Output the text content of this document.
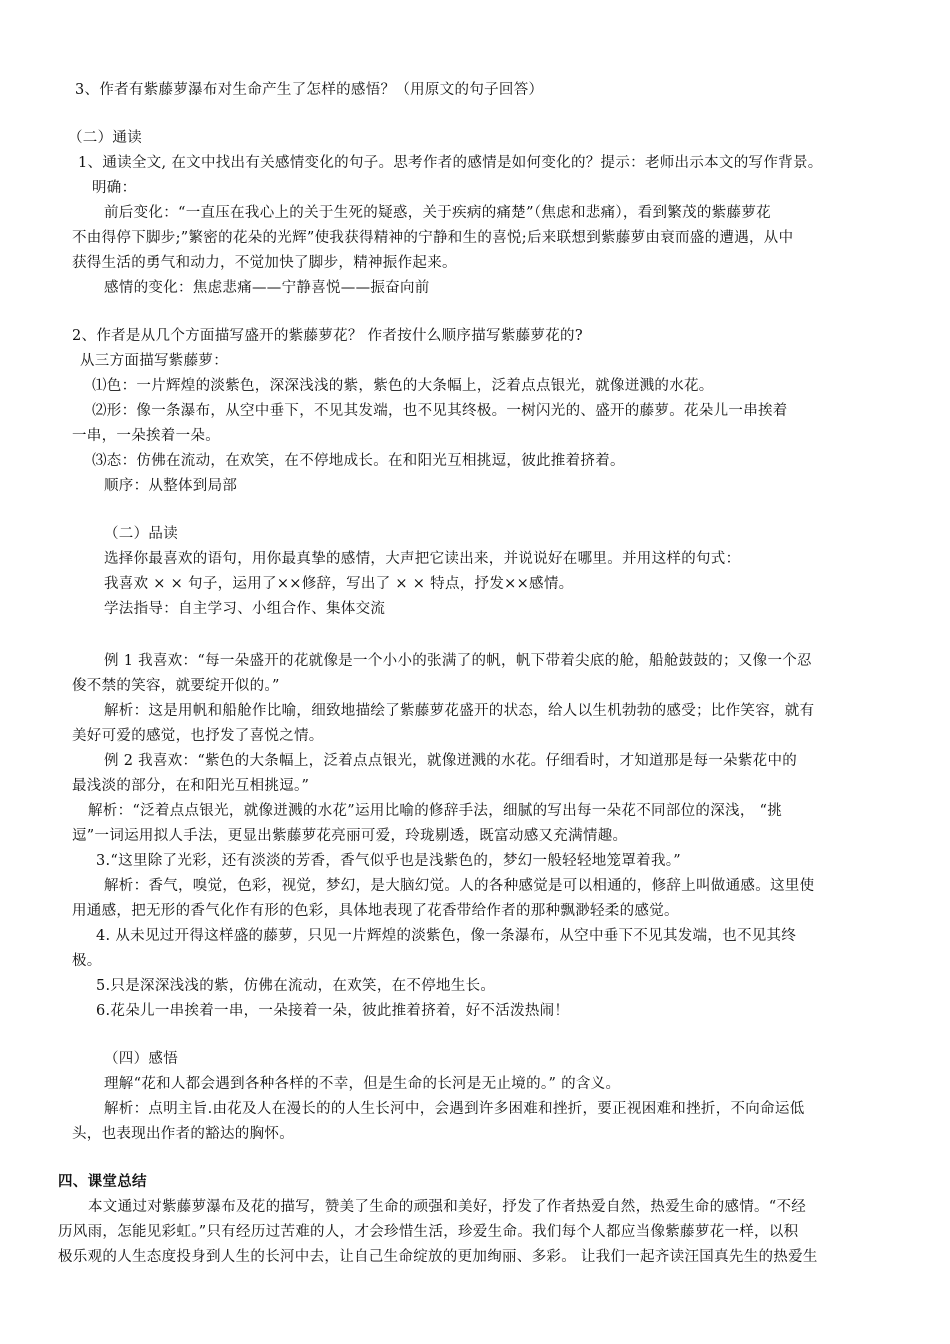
3、作者有紫藤萝瀑布对生命产生了怎样的感悟？（用原文的句子回答）
（二）通读
1、通读全文, 在文中找出有关感情变化的句子。思考作者的感情是如何变化的？提示：老师出示本文的写作背景。
明确：
前后变化：“一直压在我心上的关于生死的疑惑，关于疾病的痛楚”（焦虑和悲痛），看到繁茂的紫藤萝花
不由得停下脚步;”繁密的花朵的光辉”使我获得精神的宁静和生的喜悦;后来联想到紫藤萝由衰而盛的遭遇，从中
获得生活的勇气和动力，不觉加快了脚步，精神振作起来。
感情的变化：焦虑悲痛——宁静喜悦——振奋向前
2、作者是从几个方面描写盛开的紫藤萝花？ 作者按什么顺序描写紫藤萝花的?
从三方面描写紫藤萝：
⑴色：一片辉煌的淡紫色，深深浅浅的紫，紫色的大条幅上，泛着点点银光，就像迸溅的水花。
⑵形：像一条瀑布，从空中垂下，不见其发端，也不见其终极。一树闪光的、盛开的藤萝。花朵儿一串挨着
一串，一朵挨着一朵。
⑶态：仿佛在流动，在欢笑，在不停地成长。在和阳光互相挑逗，彼此推着挤着。
顺序：从整体到局部
（二）品读
选择你最喜欢的语句，用你最真挚的感情，大声把它读出来，并说说好在哪里。并用这样的句式：
我喜欢 × × 句子，运用了××修辞，写出了 × × 特点，抒发××感情。
学法指导：自主学习、小组合作、集体交流
例 1 我喜欢：“每一朵盛开的花就像是一个小小的张满了的帆，帆下带着尖底的舱，船舱鼓鼓的；又像一个忍
俊不禁的笑容，就要绽开似的。”
解析：这是用帆和船舱作比喻，细致地描绘了紫藤萝花盛开的状态，给人以生机勃勃的感受；比作笑容，就有
美好可爱的感觉，也抒发了喜悦之情。
例 2 我喜欢：“紫色的大条幅上，泛着点点银光，就像迸溅的水花。仔细看时，才知道那是每一朵紫花中的
最浅淡的部分，在和阳光互相挑逗。”
解析：“泛着点点银光，就像迸溅的水花”运用比喻的修辞手法，细腻的写出每一朵花不同部位的深浅， “挑
逗”一词运用拟人手法，更显出紫藤萝花亮丽可爱，玲珑剔透，既富动感又充满情趣。
3.“这里除了光彩，还有淡淡的芳香，香气似乎也是浅紫色的，梦幻一般轻轻地笼罩着我。”
解析：香气，嗅觉，色彩，视觉，梦幻，是大脑幻觉。人的各种感觉是可以相通的，修辞上叫做通感。这里使
用通感，把无形的香气化作有形的色彩，具体地表现了花香带给作者的那种飘渺轻柔的感觉。
4. 从未见过开得这样盛的藤萝，只见一片辉煌的淡紫色，像一条瀑布，从空中垂下不见其发端，也不见其终
极。
5.只是深深浅浅的紫，仿佛在流动，在欢笑，在不停地生长。
6.花朵儿一串挨着一串，一朵接着一朵，彼此推着挤着，好不活泼热闹！
（四）感悟
理解“花和人都会遇到各种各样的不幸，但是生命的长河是无止境的。” 的含义。
解析：点明主旨.由花及人在漫长的的人生长河中，会遇到许多困难和挫折，要正视困难和挫折，不向命运低
头，也表现出作者的豁达的胸怀。
四、课堂总结
本文通过对紫藤萝瀑布及花的描写，赞美了生命的顽强和美好，抒发了作者热爱自然，热爱生命的感情。“不经
历风雨，怎能见彩虹。”只有经历过苦难的人，才会珍惜生活，珍爱生命。我们每个人都应当像紫藤萝花一样，以积
极乐观的人生态度投身到人生的长河中去，让自己生命绽放的更加绚丽、多彩。 让我们一起齐读汪国真先生的热爱生
